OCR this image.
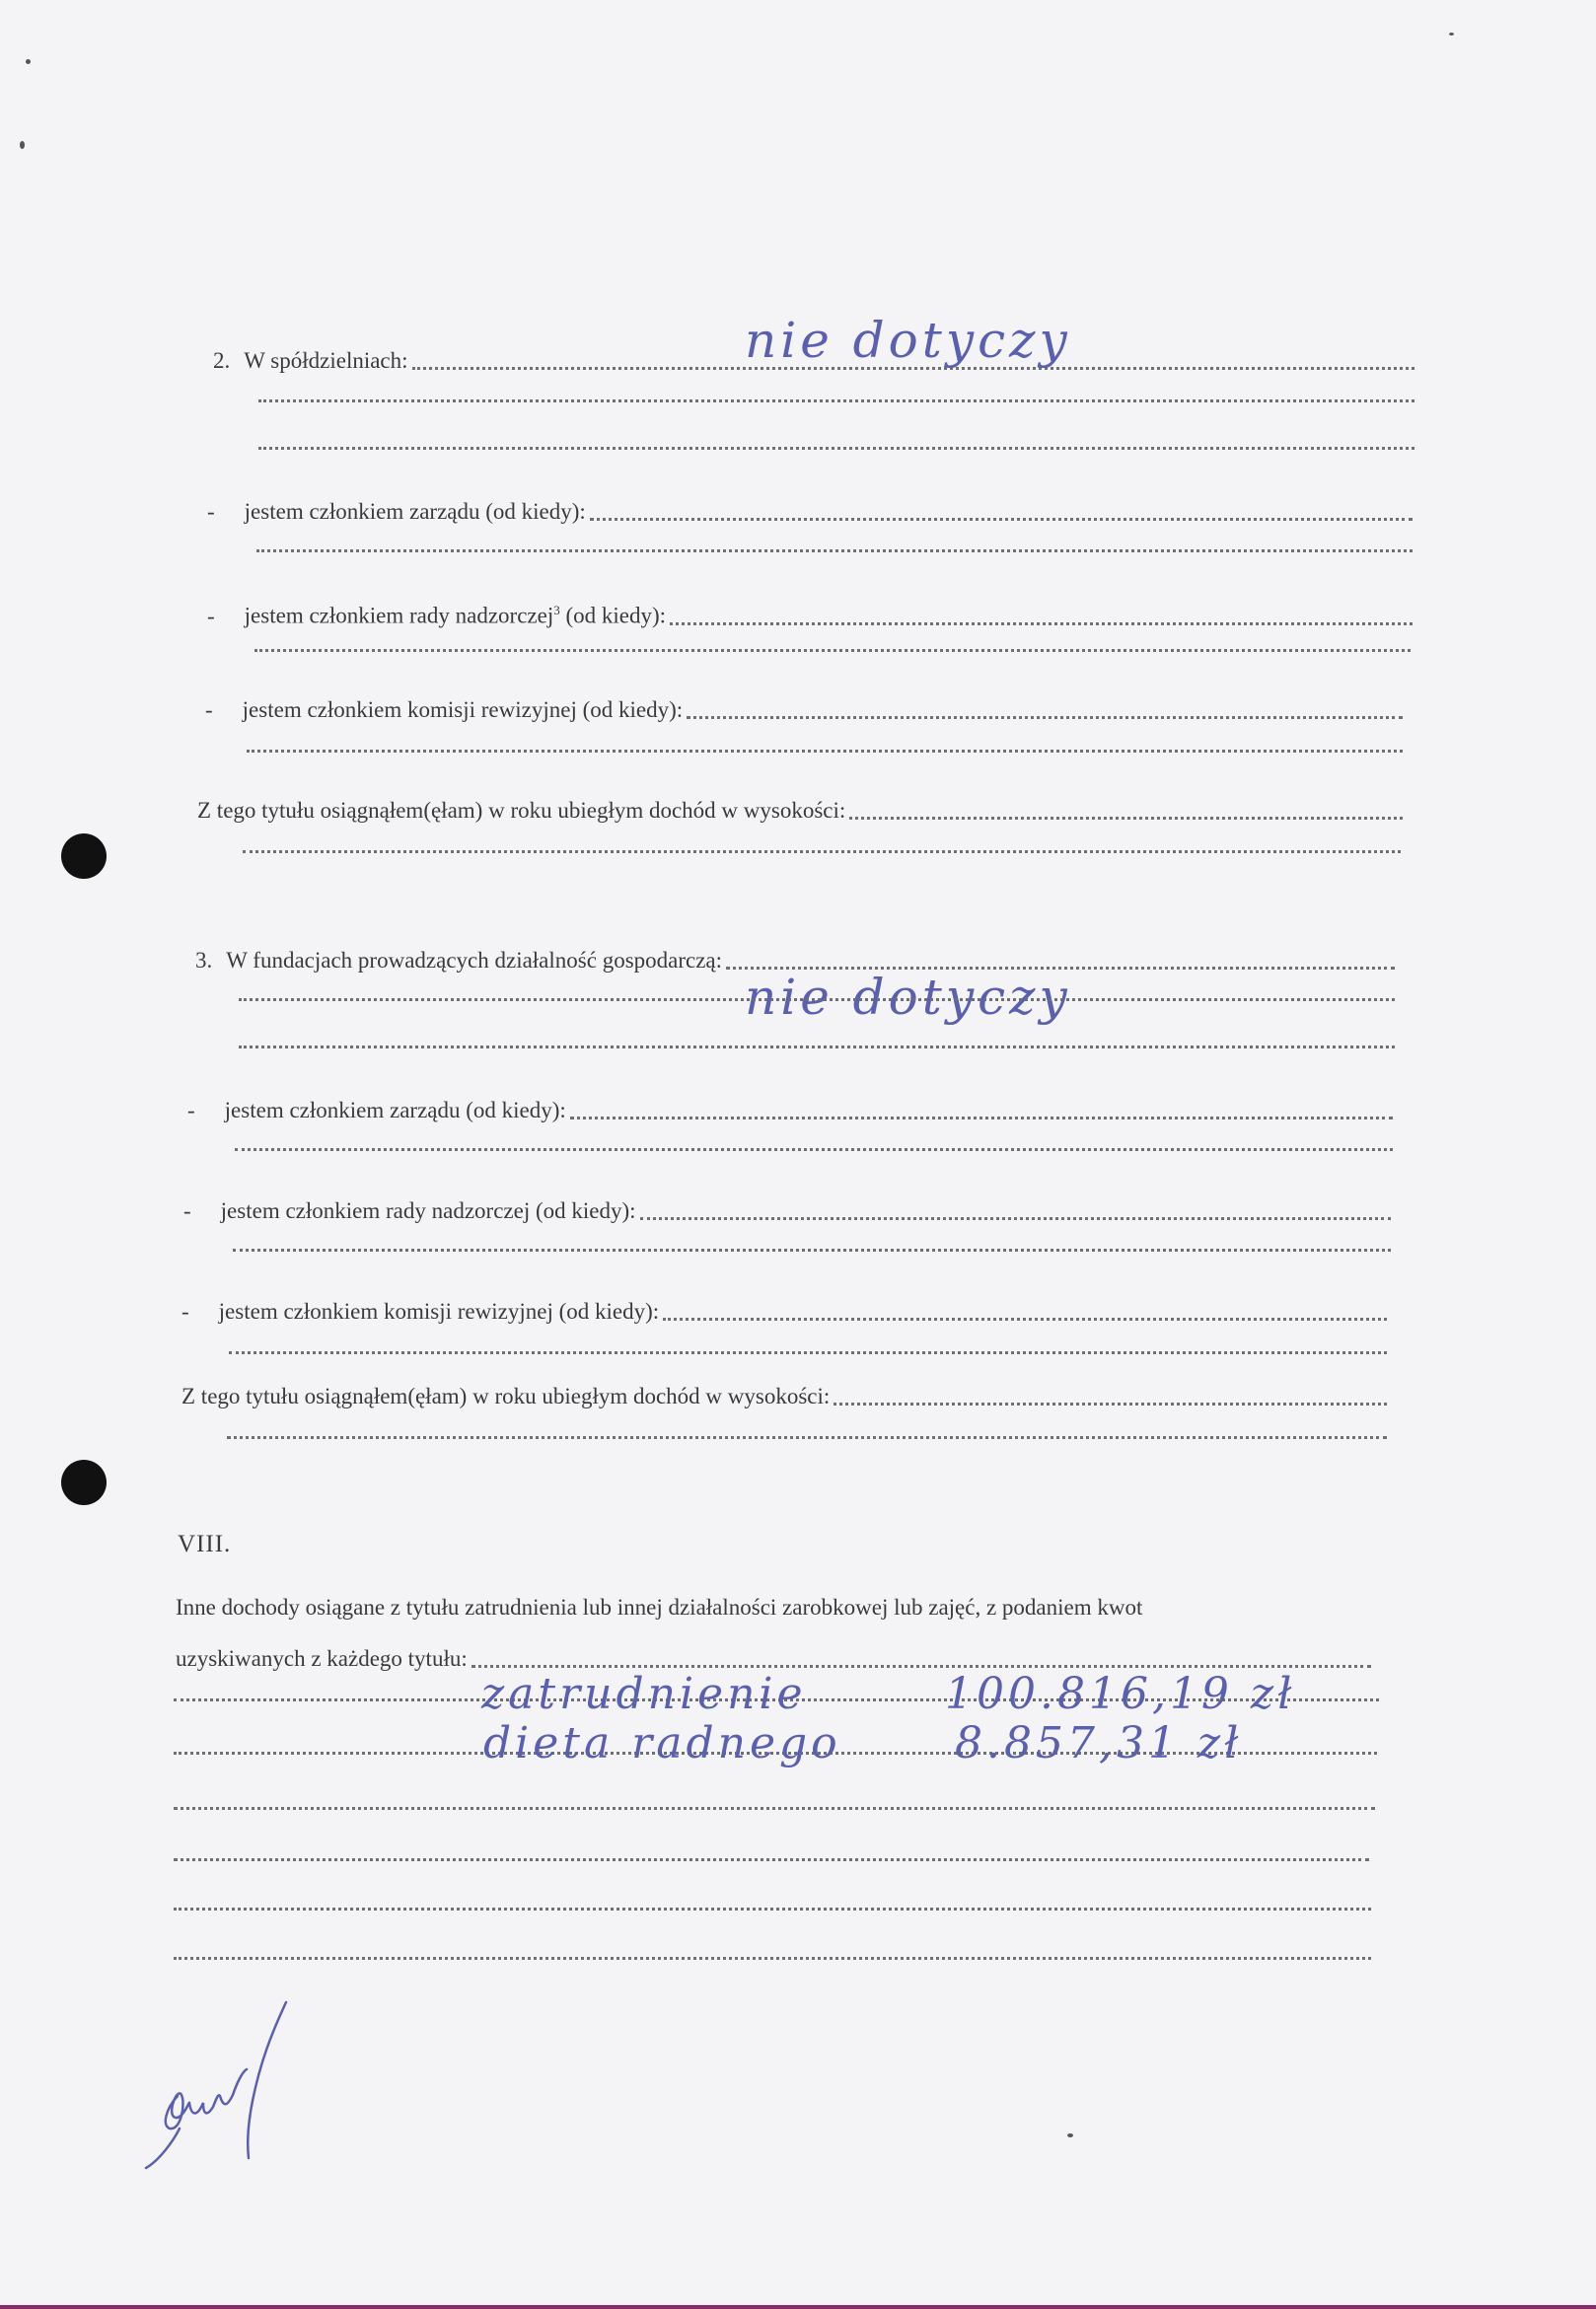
2. W spółdzielniach:	nie dotyczy
-	jestem członkiem zarządu (od kiedy):
-	jestem członkiem rady nadzorczej$^3$ (od kiedy):
-	jestem członkiem komisji rewizyjnej (od kiedy):
Z tego tytułu osiągnąłem(ęłam) w roku ubiegłym dochód w wysokości:
3. W fundacjach prowadzących działalność gospodarczą:
nie dotyczy
-	jestem członkiem zarządu (od kiedy):
-	jestem członkiem rady nadzorczej (od kiedy):
-	jestem członkiem komisji rewizyjnej (od kiedy):
Z tego tytułu osiągnąłem(ęłam) w roku ubiegłym dochód w wysokości:
VIII.
Inne dochody osiągane z tytułu zatrudnienia lub innej działalności zarobkowej lub zajęć, z podaniem kwot
uzyskiwanych z każdego tytułu:
zatrudnienie	100.816,19 zł
dieta radnego	8.857,31 zł
